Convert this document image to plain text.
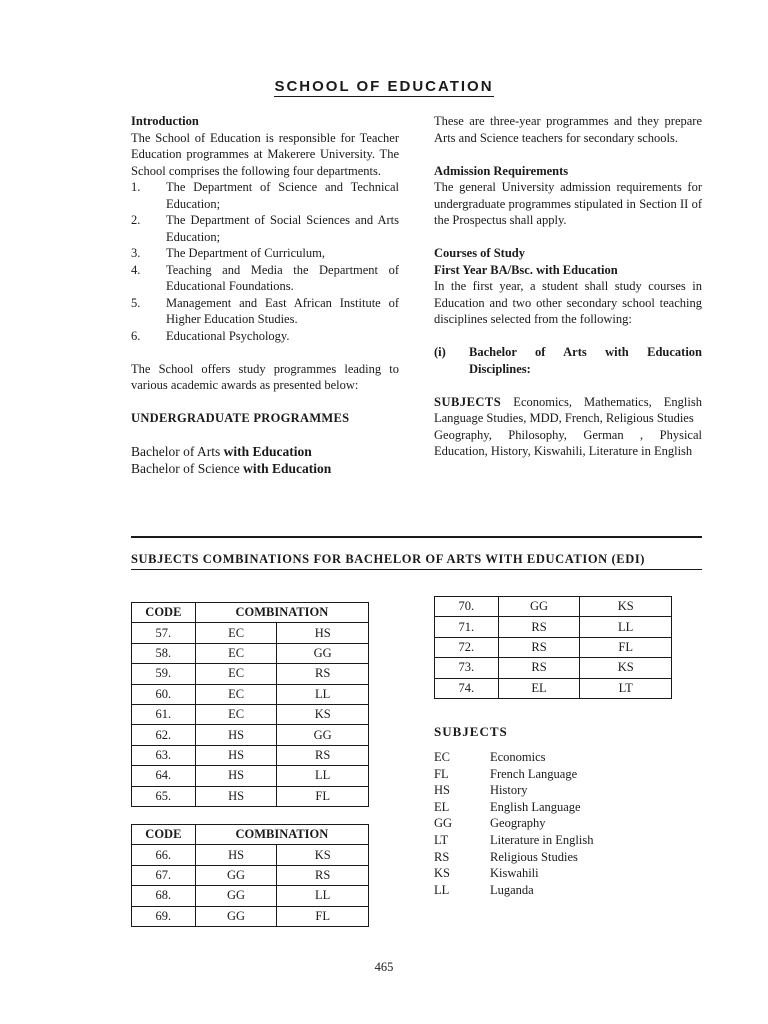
SCHOOL OF EDUCATION

Introduction

The School of Education is responsible for Teacher Education programmes at Makerere University. The School comprises the following four departments.

1. The Department of Science and Technical Education;
2. The Department of Social Sciences and Arts Education;
3. The Department of Curriculum,
4. Teaching and Media the Department of Educational Foundations.
5. Management and East African Institute of Higher Education Studies.
6. Educational Psychology.

The School offers study programmes leading to various academic awards as presented below:

UNDERGRADUATE PROGRAMMES

Bachelor of Arts with Education
Bachelor of Science with Education

These are three-year programmes and they prepare Arts and Science teachers for secondary schools.

Admission Requirements

The general University admission requirements for undergraduate programmes stipulated in Section II of the Prospectus shall apply.

Courses of Study

First Year BA/Bsc. with Education

In the first year, a student shall study courses in Education and two other secondary school teaching disciplines selected from the following:

(i)	Bachelor of Arts with Education Disciplines:

SUBJECTS Economics, Mathematics, English Language Studies, MDD, French, Religious Studies

Geography, Philosophy, German , Physical Education, History, Kiswahili, Literature in English

SUBJECTS COMBINATIONS FOR BACHELOR OF ARTS WITH EDUCATION (EDI)
CODE	COMBINATION	
57.	EC	HS
58.	EC	GG
59.	EC	RS
60.	EC	LL
61.	EC	KS
62.	HS	GG
63.	HS	RS
64.	HS	LL
65.	HS	FL
CODE	COMBINATION	
66.	HS	KS
67.	GG	RS
68.	GG	LL
69.	GG	FL
70.	GG	KS
71.	RS	LL
72.	RS	FL
73.	RS	KS
74.	EL	LT
SUBJECTS
EC	Economics
FL	French Language
HS	History
EL	English Language
GG	Geography
LT	Literature in English
RS	Religious Studies
KS	Kiswahili
LL	Luganda
465
